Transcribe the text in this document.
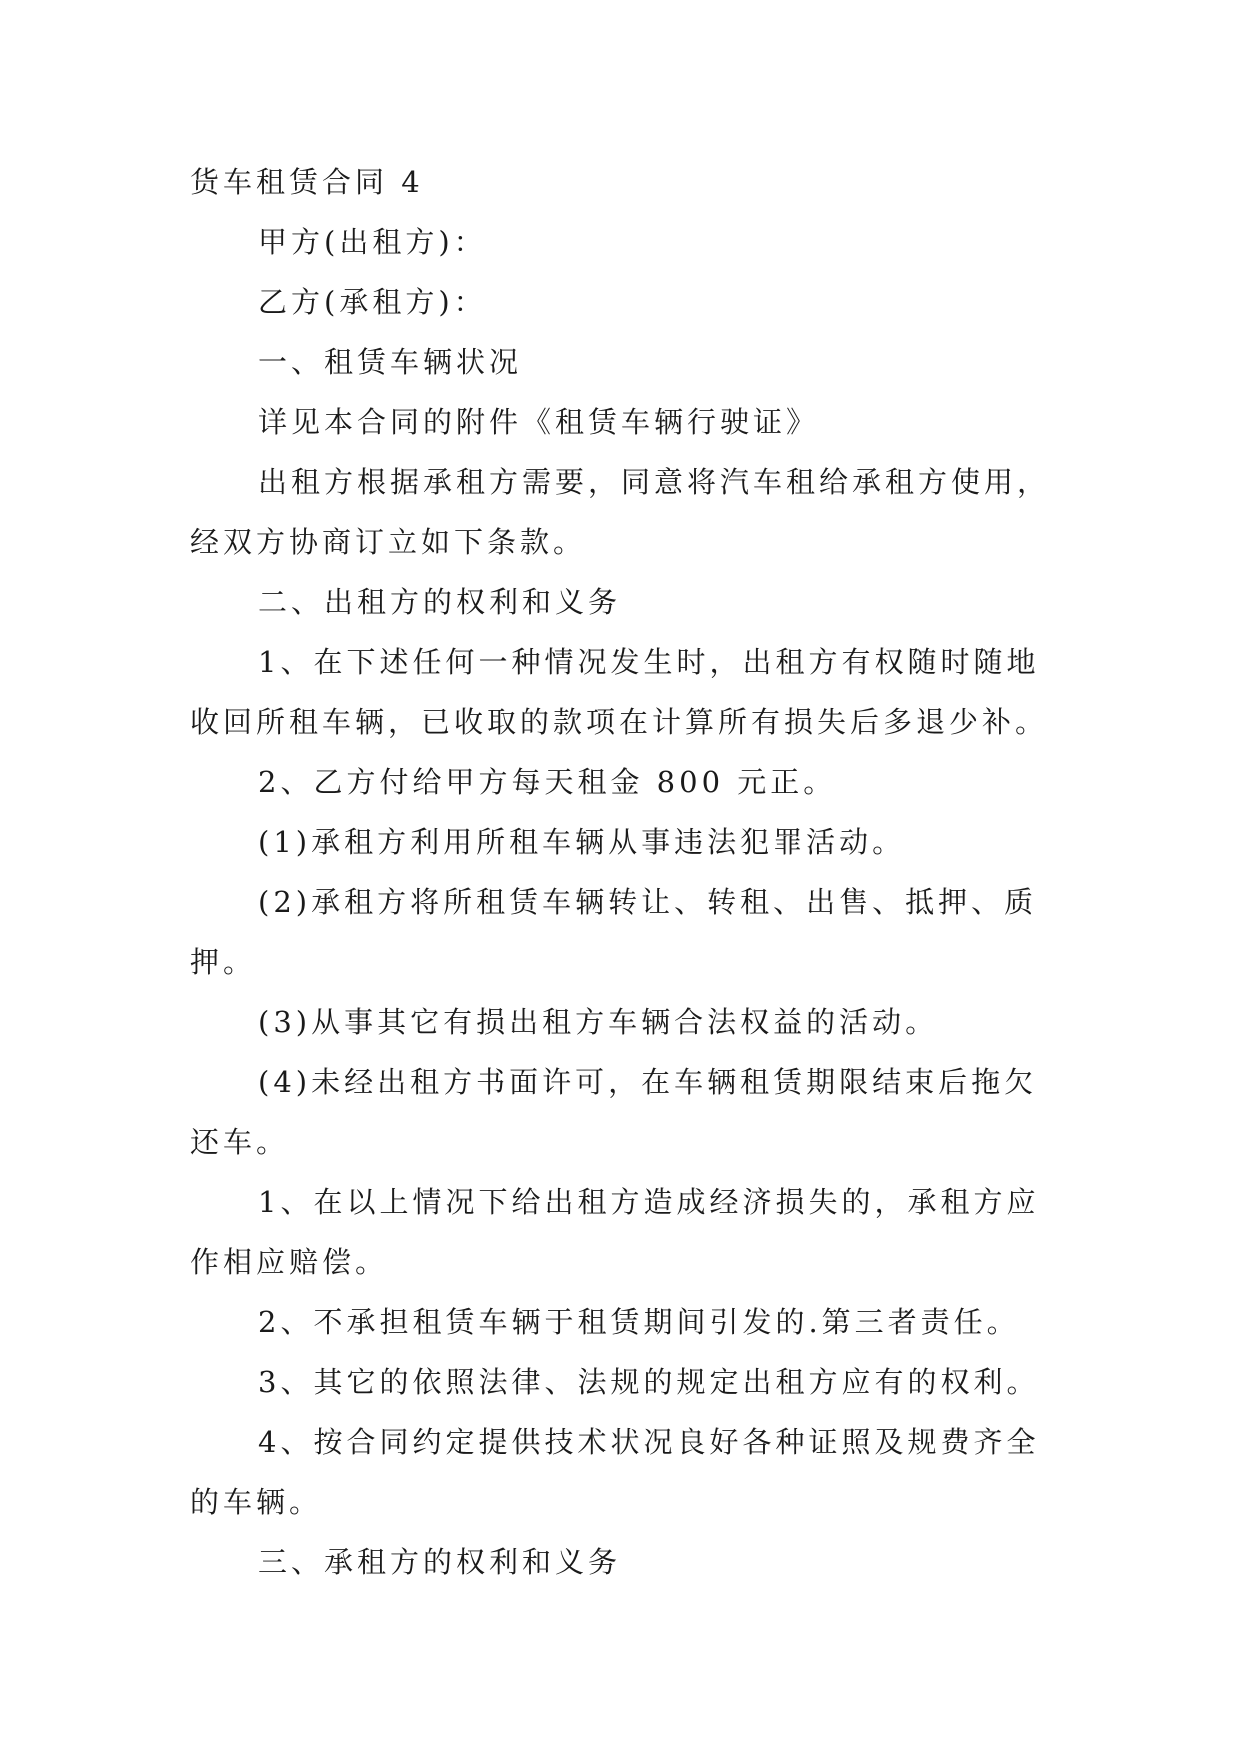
货车租赁合同 4
甲方(出租方)：
乙方(承租方)：
一、租赁车辆状况
详见本合同的附件《租赁车辆行驶证》
出租方根据承租方需要，同意将汽车租给承租方使用，
经双方协商订立如下条款。
二、出租方的权利和义务
1、在下述任何一种情况发生时，出租方有权随时随地
收回所租车辆，已收取的款项在计算所有损失后多退少补。
2、乙方付给甲方每天租金 800 元正。
(1)承租方利用所租车辆从事违法犯罪活动。
(2)承租方将所租赁车辆转让、转租、出售、抵押、质
押。
(3)从事其它有损出租方车辆合法权益的活动。
(4)未经出租方书面许可，在车辆租赁期限结束后拖欠
还车。
1、在以上情况下给出租方造成经济损失的，承租方应
作相应赔偿。
2、不承担租赁车辆于租赁期间引发的.第三者责任。
3、其它的依照法律、法规的规定出租方应有的权利。
4、按合同约定提供技术状况良好各种证照及规费齐全
的车辆。
三、承租方的权利和义务
